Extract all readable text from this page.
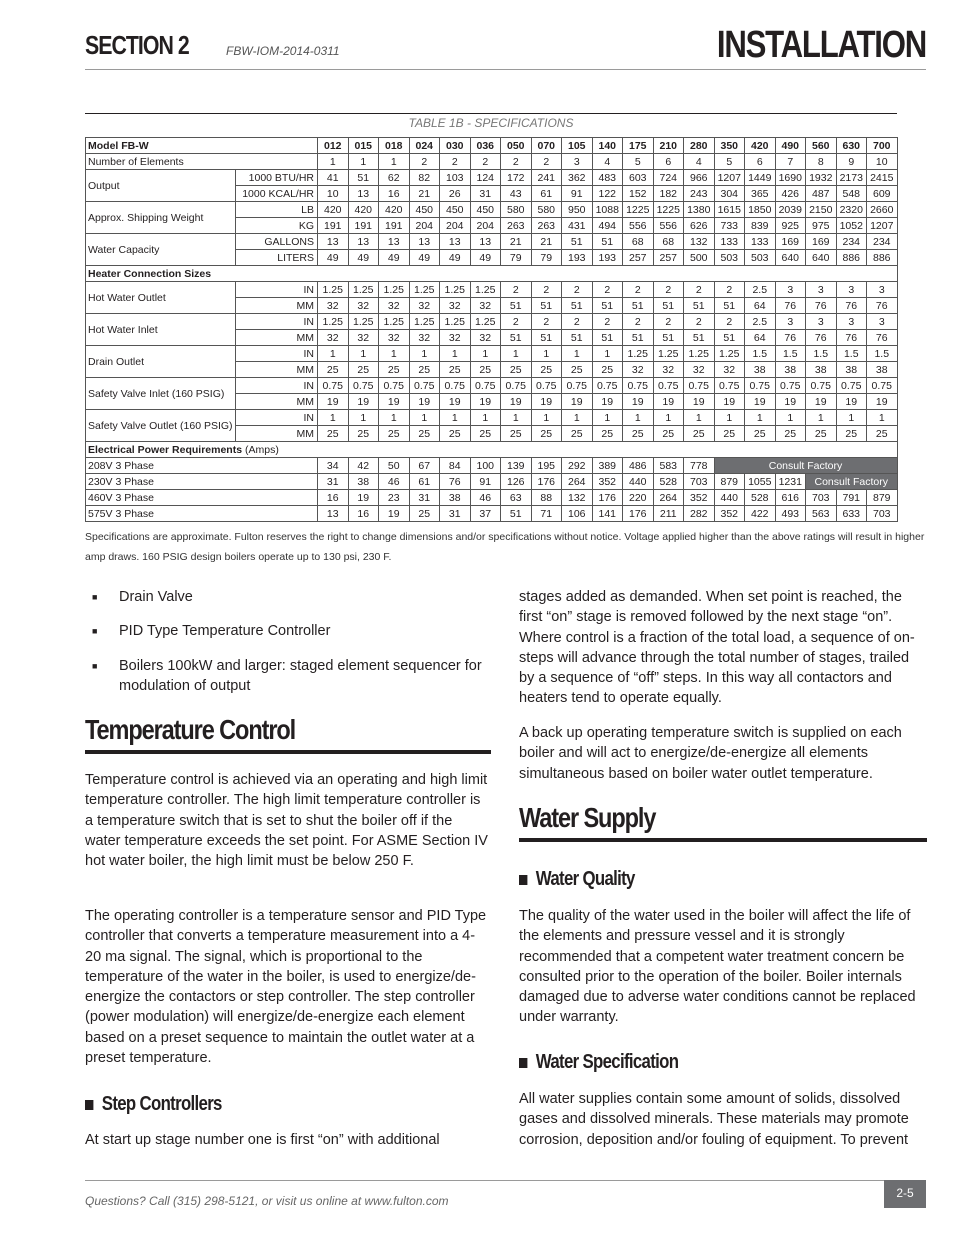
SECTION 2	FBW-IOM-2014-0311	INSTALLATION
TABLE 1B - SPECIFICATIONS
Model FB-W		012	015	018	024	030	036	050	070	105	140	175	210	280	350	420	490	560	630	700
Number of Elements		1	1	1	2	2	2	2	2	3	4	5	6	4	5	6	7	8	9	10
Output	1000 BTU/HR	41	51	62	82	103	124	172	241	362	483	603	724	966	1207	1449	1690	1932	2173	2415
	1000 KCAL/HR	10	13	16	21	26	31	43	61	91	122	152	182	243	304	365	426	487	548	609
Approx. Shipping Weight	LB	420	420	420	450	450	450	580	580	950	1088	1225	1225	1380	1615	1850	2039	2150	2320	2660
	KG	191	191	191	204	204	204	263	263	431	494	556	556	626	733	839	925	975	1052	1207
Water Capacity	GALLONS	13	13	13	13	13	13	21	21	51	51	68	68	132	133	133	169	169	234	234
	LITERS	49	49	49	49	49	49	79	79	193	193	257	257	500	503	503	640	640	886	886
Heater Connection Sizes																				
Hot Water Outlet	IN	1.25	1.25	1.25	1.25	1.25	1.25	2	2	2	2	2	2	2	2	2.5	3	3	3	3
	MM	32	32	32	32	32	32	51	51	51	51	51	51	51	51	64	76	76	76	76
Hot Water Inlet	IN	1.25	1.25	1.25	1.25	1.25	1.25	2	2	2	2	2	2	2	2	2.5	3	3	3	3
	MM	32	32	32	32	32	32	51	51	51	51	51	51	51	51	64	76	76	76	76
Drain Outlet	IN	1	1	1	1	1	1	1	1	1	1	1.25	1.25	1.25	1.25	1.5	1.5	1.5	1.5	1.5
	MM	25	25	25	25	25	25	25	25	25	25	32	32	32	32	38	38	38	38	38
Safety Valve Inlet (160 PSIG)	IN	0.75	0.75	0.75	0.75	0.75	0.75	0.75	0.75	0.75	0.75	0.75	0.75	0.75	0.75	0.75	0.75	0.75	0.75	0.75
	MM	19	19	19	19	19	19	19	19	19	19	19	19	19	19	19	19	19	19	19
Safety Valve Outlet (160 PSIG)	IN	1	1	1	1	1	1	1	1	1	1	1	1	1	1	1	1	1	1	1
	MM	25	25	25	25	25	25	25	25	25	25	25	25	25	25	25	25	25	25	25
Electrical Power Requirements (Amps)																				
208V 3 Phase		34	42	50	67	84	100	139	195	292	389	486	583	778	Consult Factory					
230V 3 Phase		31	38	46	61	76	91	126	176	264	352	440	528	703	879	1055	1231	Consult Factory		
460V 3 Phase		16	19	23	31	38	46	63	88	132	176	220	264	352	440	528	616	703	791	879
575V 3 Phase		13	16	19	25	31	37	51	71	106	141	176	211	282	352	422	493	563	633	703
Specifications are approximate. Fulton reserves the right to change dimensions and/or specifications without notice. Voltage applied higher than the above ratings will result in higher amp draws. 160 PSIG design boilers operate up to 130 psi, 230 F.
■	Drain Valve
■	PID Type Temperature Controller
■	Boilers 100kW and larger: staged element sequencer for modulation of output
Temperature Control

Temperature control is achieved via an operating and high limit temperature controller. The high limit temperature controller is a temperature switch that is set to shut the boiler off if the water temperature exceeds the set point. For ASME Section IV hot water boiler, the high limit must be below 250 F.

The operating controller is a temperature sensor and PID Type controller that converts a temperature measurement into a 4-20 ma signal. The signal, which is proportional to the temperature of the water in the boiler, is used to energize/de-energize the contactors or step controller. The step controller (power modulation) will energize/de-energize each element based on a preset sequence to maintain the outlet water at a preset temperature.

Step Controllers

At start up stage number one is first “on” with additional

stages added as demanded. When set point is reached, the first “on” stage is removed followed by the next stage “on”. Where control is a fraction of the total load, a sequence of on-steps will advance through the total number of stages, trailed by a sequence of “off” steps. In this way all contactors and heaters tend to operate equally.

A back up operating temperature switch is supplied on each boiler and will act to energize/de-energize all elements simultaneous based on boiler water outlet temperature.

Water Supply
Water Quality

The quality of the water used in the boiler will affect the life of the elements and pressure vessel and it is strongly recommended that a competent water treatment concern be consulted prior to the operation of the boiler. Boiler internals damaged due to adverse water conditions cannot be replaced under warranty.

Water Specification

All water supplies contain some amount of solids, dissolved gases and dissolved minerals. These materials may promote corrosion, deposition and/or fouling of equipment. To prevent

Questions? Call (315) 298-5121, or visit us online at www.fulton.com
2-5
